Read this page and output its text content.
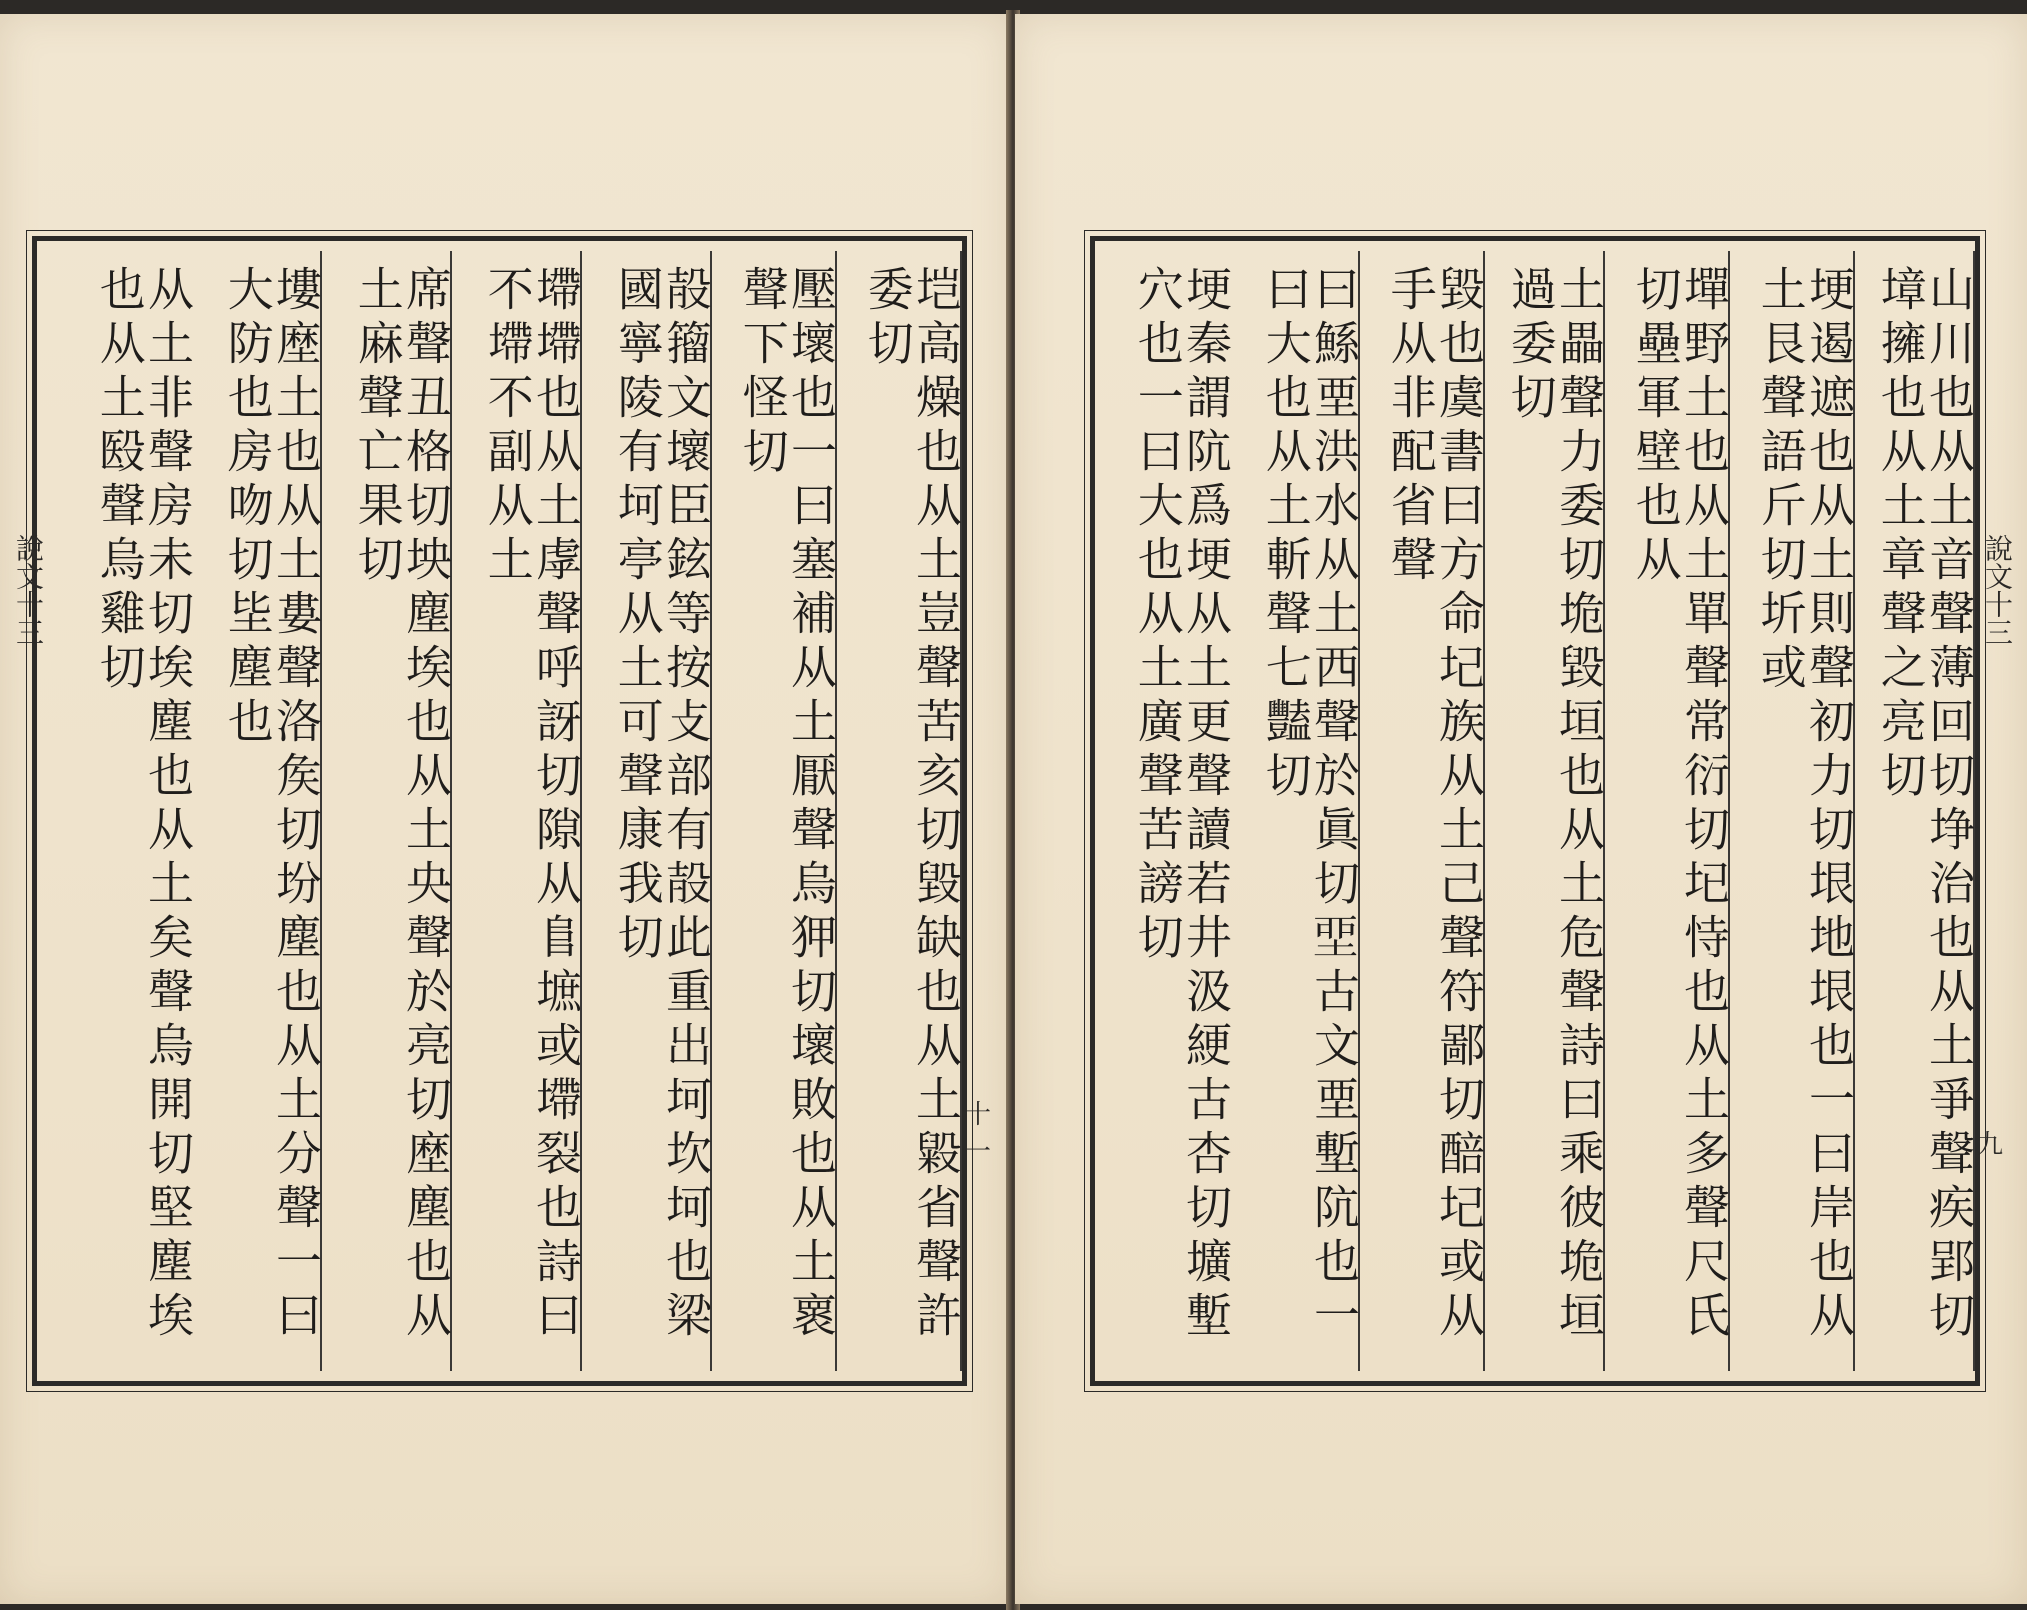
垲高燥也从土豈聲苦亥切毀缺也从土毇省聲許委切
壓壞也一曰塞補从土厭聲烏狎切壞敗也从土褱聲下怪切
㱿籀文壞臣鉉等按攴部有㱿此重出坷坎坷也梁國寧陵有坷亭从土可聲康我切
墆墆也从土虖聲呼訝切隙从𨸏墌或墆裂也詩曰不墆不副从土
席聲丑格切坱塵埃也从土央聲於亮切塺塵也从土麻聲亡果切
塿塺土也从土婁聲洛矦切坋塵也从土分聲一曰大防也房吻切坒塵也
从土非聲房未切埃塵也从土矣聲烏開切堅塵埃也从土殹聲烏雞切
說文十三
十一	山川也从土音聲薄回切埩治也从土爭聲疾郢切墇擁也从土章聲之亮切
埂遏遮也从土則聲初力切垠地垠也一曰岸也从土艮聲語斤切圻或
墠野土也从土單聲常衍切𡉏恃也从土多聲尺氏切壘軍壁也从
土畾聲力委切垝毀垣也从土危聲詩曰乘彼垝垣過委切
毀也虞書曰方命圮族从土己聲符鄙切醅圮或从手从非配省聲
曰鯀垔洪水从土西聲於眞切𡋲古文垔塹阬也一曰大也从土斬聲七豔切
埂秦謂阬爲埂从土更聲讀若井汲綆古杏切壙塹穴也一曰大也从土廣聲苦謗切	說文十三
九
